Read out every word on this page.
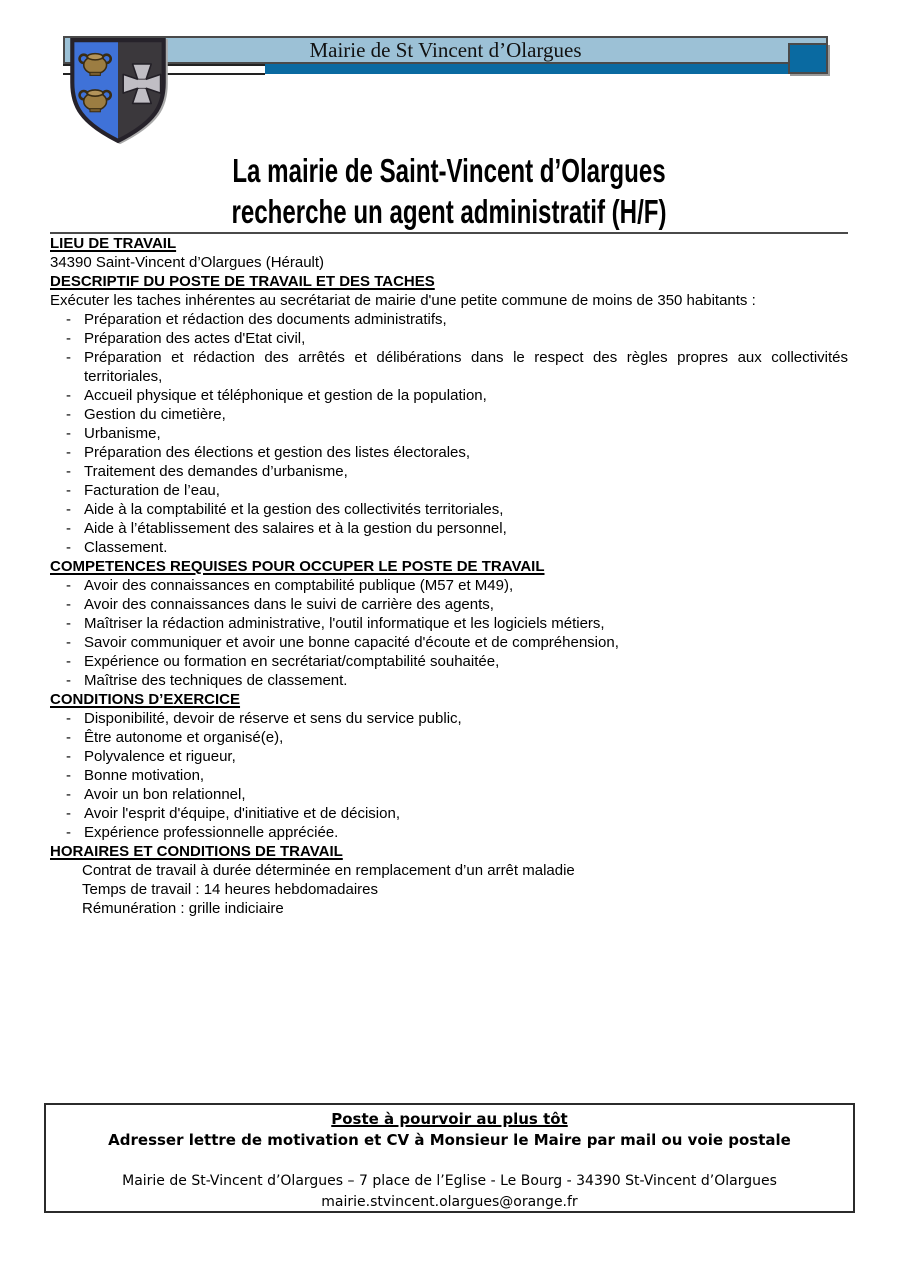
Mairie de St Vincent d’Olargues
La mairie de Saint-Vincent d’Olargues
recherche un agent administratif (H/F)
LIEU DE TRAVAIL

34390 Saint-Vincent d’Olargues (Hérault)

DESCRIPTIF DU POSTE DE TRAVAIL ET DES TACHES

Exécuter les taches inhérentes au secrétariat de mairie d'une petite commune de moins de 350 habitants :

- Préparation et rédaction des documents administratifs,
- Préparation des actes d'Etat civil,
- Préparation et rédaction des arrêtés et délibérations dans le respect des règles propres aux collectivités territoriales,
- Accueil physique et téléphonique et gestion de la population,
- Gestion du cimetière,
- Urbanisme,
- Préparation des élections et gestion des listes électorales,
- Traitement des demandes d’urbanisme,
- Facturation de l’eau,
- Aide à la comptabilité et la gestion des collectivités territoriales,
- Aide à l’établissement des salaires et à la gestion du personnel,
- Classement.
COMPETENCES REQUISES POUR OCCUPER LE POSTE DE TRAVAIL
- Avoir des connaissances en comptabilité publique (M57 et M49),
- Avoir des connaissances dans le suivi de carrière des agents,
- Maîtriser la rédaction administrative, l'outil informatique et les logiciels métiers,
- Savoir communiquer et avoir une bonne capacité d'écoute et de compréhension,
- Expérience ou formation en secrétariat/comptabilité souhaitée,
- Maîtrise des techniques de classement.
CONDITIONS D’EXERCICE
- Disponibilité, devoir de réserve et sens du service public,
- Être autonome et organisé(e),
- Polyvalence et rigueur,
- Bonne motivation,
- Avoir un bon relationnel,
- Avoir l'esprit d'équipe, d'initiative et de décision,
- Expérience professionnelle appréciée.
HORAIRES ET CONDITIONS DE TRAVAIL

Contrat de travail à durée déterminée en remplacement d’un arrêt maladie

Temps de travail : 14 heures hebdomadaires

Rémunération : grille indiciaire

Poste à pourvoir au plus tôt

Adresser lettre de motivation et CV à Monsieur le Maire par mail ou voie postale

Mairie de St-Vincent d’Olargues – 7 place de l’Eglise - Le Bourg - 34390 St-Vincent d’Olargues

mairie.stvincent.olargues@orange.fr
